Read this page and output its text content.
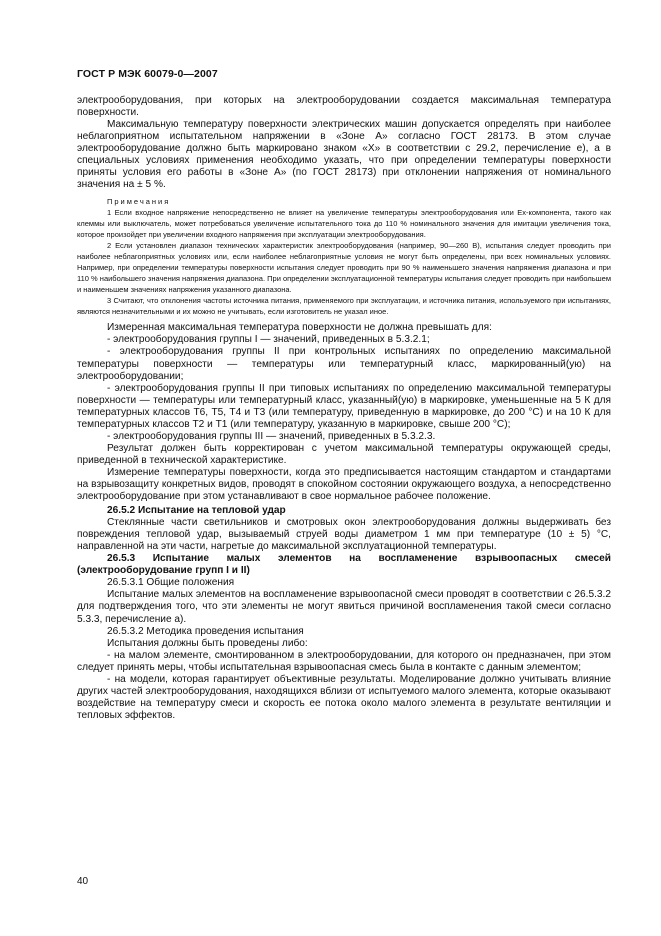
ГОСТ Р МЭК 60079-0—2007

электрооборудования, при которых на электрооборудовании создается максимальная температура поверхности.

Максимальную температуру поверхности электрических машин допускается определять при наиболее неблагоприятном испытательном напряжении в «Зоне А» согласно ГОСТ 28173. В этом случае электрооборудование должно быть маркировано знаком «Х» в соответствии с 29.2, перечисление е), а в специальных условиях применения необходимо указать, что при определении температуры поверхности приняты условия его работы в «Зоне А» (по ГОСТ 28173) при отклонении напряжения от номинального значения на ± 5 %.

Примечания

1 Если входное напряжение непосредственно не влияет на увеличение температуры электрооборудования или Ex-компонента, такого как клеммы или выключатель, может потребоваться увеличение испытательного тока до 110 % номинального значения для имитации увеличения тока, которое произойдет при увеличении входного напряжения при эксплуатации электрооборудования.

2 Если установлен диапазон технических характеристик электрооборудования (например, 90—260 В), испытания следует проводить при наиболее неблагоприятных условиях или, если наиболее неблагоприятные условия не могут быть определены, при всех номинальных условиях. Например, при определении температуры поверхности испытания следует проводить при 90 % наименьшего значения напряжения диапазона и при 110 % наибольшего значения напряжения диапазона. При определении эксплуатационной температуры испытания следует проводить при наибольшем и наименьшем значениях напряжения указанного диапазона.

3 Считают, что отклонения частоты источника питания, применяемого при эксплуатации, и источника питания, используемого при испытаниях, являются незначительными и их можно не учитывать, если изготовитель не указал иное.

Измеренная максимальная температура поверхности не должна превышать для:

- электрооборудования группы I — значений, приведенных в 5.3.2.1;

- электрооборудования группы II при контрольных испытаниях по определению максимальной температуры поверхности — температуры или температурный класс, маркированный(ую) на электрооборудовании;

- электрооборудования группы II при типовых испытаниях по определению максимальной температуры поверхности — температуры или температурный класс, указанный(ую) в маркировке, уменьшенные на 5 К для температурных классов Т6, Т5, Т4 и Т3 (или температуру, приведенную в маркировке, до 200 °С) и на 10 К для температурных классов Т2 и Т1 (или температуру, указанную в маркировке, свыше 200 °С);

- электрооборудования группы III — значений, приведенных в 5.3.2.3.

Результат должен быть корректирован с учетом максимальной температуры окружающей среды, приведенной в технической характеристике.

Измерение температуры поверхности, когда это предписывается настоящим стандартом и стандартами на взрывозащиту конкретных видов, проводят в спокойном состоянии окружающего воздуха, а непосредственно электрооборудование при этом устанавливают в свое нормальное рабочее положение.

26.5.2 Испытание на тепловой удар

Стеклянные части светильников и смотровых окон электрооборудования должны выдерживать без повреждения тепловой удар, вызываемый струей воды диаметром 1 мм при температуре (10 ± 5) °С, направленной на эти части, нагретые до максимальной эксплуатационной температуры.

26.5.3 Испытание малых элементов на воспламенение взрывоопасных смесей (электрооборудование групп I и II)

26.5.3.1 Общие положения

Испытание малых элементов на воспламенение взрывоопасной смеси проводят в соответствии с 26.5.3.2 для подтверждения того, что эти элементы не могут явиться причиной воспламенения такой смеси согласно 5.3.3, перечисление а).

26.5.3.2 Методика проведения испытания

Испытания должны быть проведены либо:

- на малом элементе, смонтированном в электрооборудовании, для которого он предназначен, при этом следует принять меры, чтобы испытательная взрывоопасная смесь была в контакте с данным элементом;

- на модели, которая гарантирует объективные результаты. Моделирование должно учитывать влияние других частей электрооборудования, находящихся вблизи от испытуемого малого элемента, которые оказывают воздействие на температуру смеси и скорость ее потока около малого элемента в результате вентиляции и тепловых эффектов.

40
